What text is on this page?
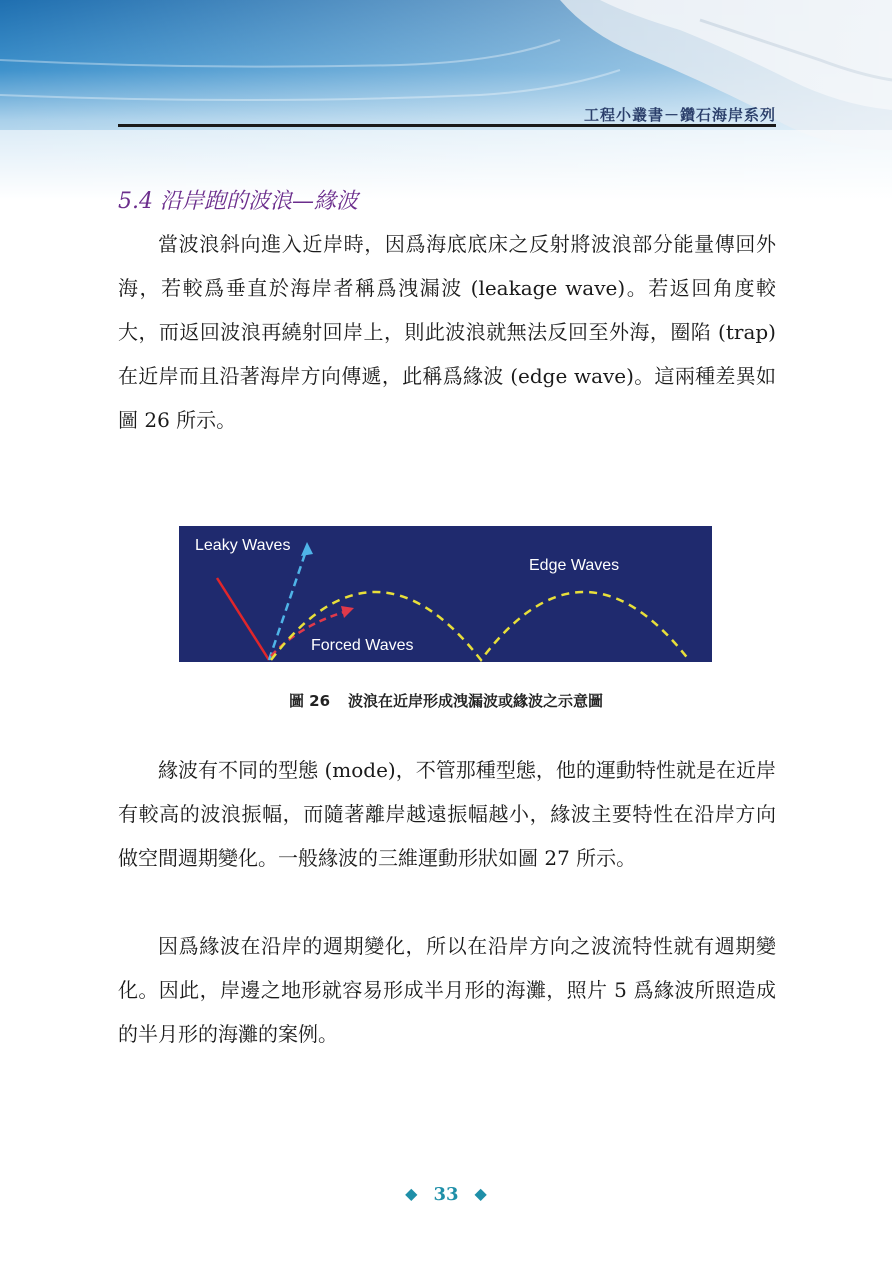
工程小叢書－鑽石海岸系列
5.4 沿岸跑的波浪—緣波

當波浪斜向進入近岸時，因爲海底底床之反射將波浪部分能量傳回外海，若較爲垂直於海岸者稱爲洩漏波 (leakage wave)。若返回角度較大，而返回波浪再繞射回岸上，則此波浪就無法反回至外海，圈陷 (trap) 在近岸而且沿著海岸方向傳遞，此稱爲緣波 (edge wave)。這兩種差異如圖 26 所示。

Leaky Waves
Edge Waves
Forced Waves
圖 26 波浪在近岸形成洩漏波或緣波之示意圖

緣波有不同的型態 (mode)，不管那種型態，他的運動特性就是在近岸有較高的波浪振幅，而隨著離岸越遠振幅越小，緣波主要特性在沿岸方向做空間週期變化。一般緣波的三維運動形狀如圖 27 所示。

因爲緣波在沿岸的週期變化，所以在沿岸方向之波流特性就有週期變化。因此，岸邊之地形就容易形成半月形的海灘，照片 5 爲緣波所照造成的半月形的海灘的案例。

◆ 33 ◆
